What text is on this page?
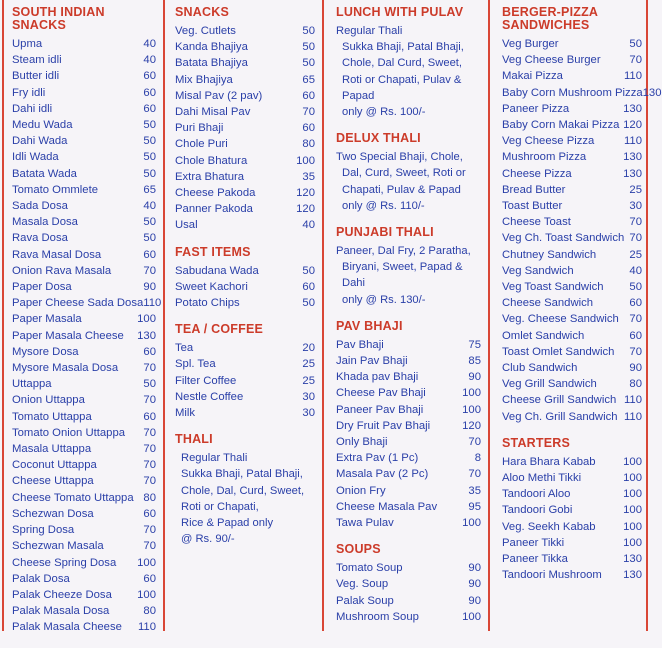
SOUTH INDIAN SNACKS
Upma	40
Steam idli	40
Butter idli	60
Fry idli	60
Dahi idli	60
Medu Wada	50
Dahi Wada	50
Idli Wada	50
Batata Wada	50
Tomato Ommlete	65
Sada Dosa	40
Masala Dosa	50
Rava Dosa	50
Rava Masal Dosa	60
Onion Rava Masala	70
Paper Dosa	90
Paper Cheese Sada Dosa 110
Paper Masala	100
Paper Masala Cheese 130
Mysore Dosa	60
Mysore Masala Dosa 70
Uttappa	50
Onion Uttappa	70
Tomato Uttappa	60
Tomato Onion Uttappa 70
Masala Uttappa	70
Coconut Uttappa	70
Cheese Uttappa	70
Cheese Tomato Uttappa 80
Schezwan Dosa	60
Spring Dosa	70
Schezwan Masala	70
Cheese Spring Dosa 100
Palak Dosa	60
Palak Cheeze Dosa 100
Palak Masala Dosa	80
Palak Masala Cheese 110
SNACKS
Veg. Cutlets	50
Kanda Bhajiya	50
Batata Bhajiya	50
Mix Bhajiya	65
Misal Pav (2 pav)	60
Dahi Misal Pav	70
Puri Bhaji	60
Chole Puri	80
Chole Bhatura	100
Extra Bhatura	35
Cheese Pakoda	120
Panner Pakoda	120
Usal	40
FAST ITEMS
Sabudana Wada	50
Sweet Kachori	60
Potato Chips	50
TEA / COFFEE
Tea	20
Spl. Tea	25
Filter Coffee	25
Nestle Coffee	30
Milk	30
THALI
Regular Thali
Sukka Bhaji, Patal Bhaji,
Chole, Dal, Curd, Sweet,
Roti or Chapati,
Rice & Papad only
@ Rs. 90/-
LUNCH WITH PULAV
Regular Thali
Sukka Bhaji, Patal Bhaji,
Chole, Dal Curd, Sweet,
Roti or Chapati, Pulav & Papad
only @ Rs. 100/-
DELUX THALI
Two Special Bhaji, Chole,
Dal, Curd, Sweet, Roti or
Chapati, Pulav & Papad
only @ Rs. 110/-
PUNJABI THALI
Paneer, Dal Fry, 2 Paratha,
Biryani, Sweet, Papad & Dahi
only @ Rs. 130/-
PAV BHAJI
Pav Bhaji	75
Jain Pav Bhaji	85
Khada pav Bhaji	90
Cheese Pav Bhaji	100
Paneer Pav Bhaji	100
Dry Fruit Pav Bhaji	120
Only Bhaji	70
Extra Pav (1 Pc)	8
Masala Pav (2 Pc)	70
Onion Fry	35
Cheese Masala Pav	95
Tawa Pulav	100
SOUPS
Tomato Soup	90
Veg. Soup	90
Palak Soup	90
Mushroom Soup	100
BERGER-PIZZA
SANDWICHES
Veg Burger	50
Veg Cheese Burger	70
Makai Pizza	110
Baby Corn Mushroom Pizza 130
Paneer Pizza	130
Baby Corn Makai Pizza 120
Veg Cheese Pizza	110
Mushroom Pizza	130
Cheese Pizza	130
Bread Butter	25
Toast Butter	30
Cheese Toast	70
Veg Ch. Toast Sandwich 70
Chutney Sandwich	25
Veg Sandwich	40
Veg Toast Sandwich 50
Cheese Sandwich	60
Veg. Cheese Sandwich 70
Omlet Sandwich	60
Toast Omlet Sandwich 70
Club Sandwich	90
Veg Grill Sandwich	80
Cheese Grill Sandwich 110
Veg Ch. Grill Sandwich 110
STARTERS
Hara Bhara Kabab 100
Aloo Methi Tikki	100
Tandoori Aloo	100
Tandoori Gobi	100
Veg. Seekh Kabab 100
Paneer Tikki	100
Paneer Tikka	130
Tandoori Mushroom 130
